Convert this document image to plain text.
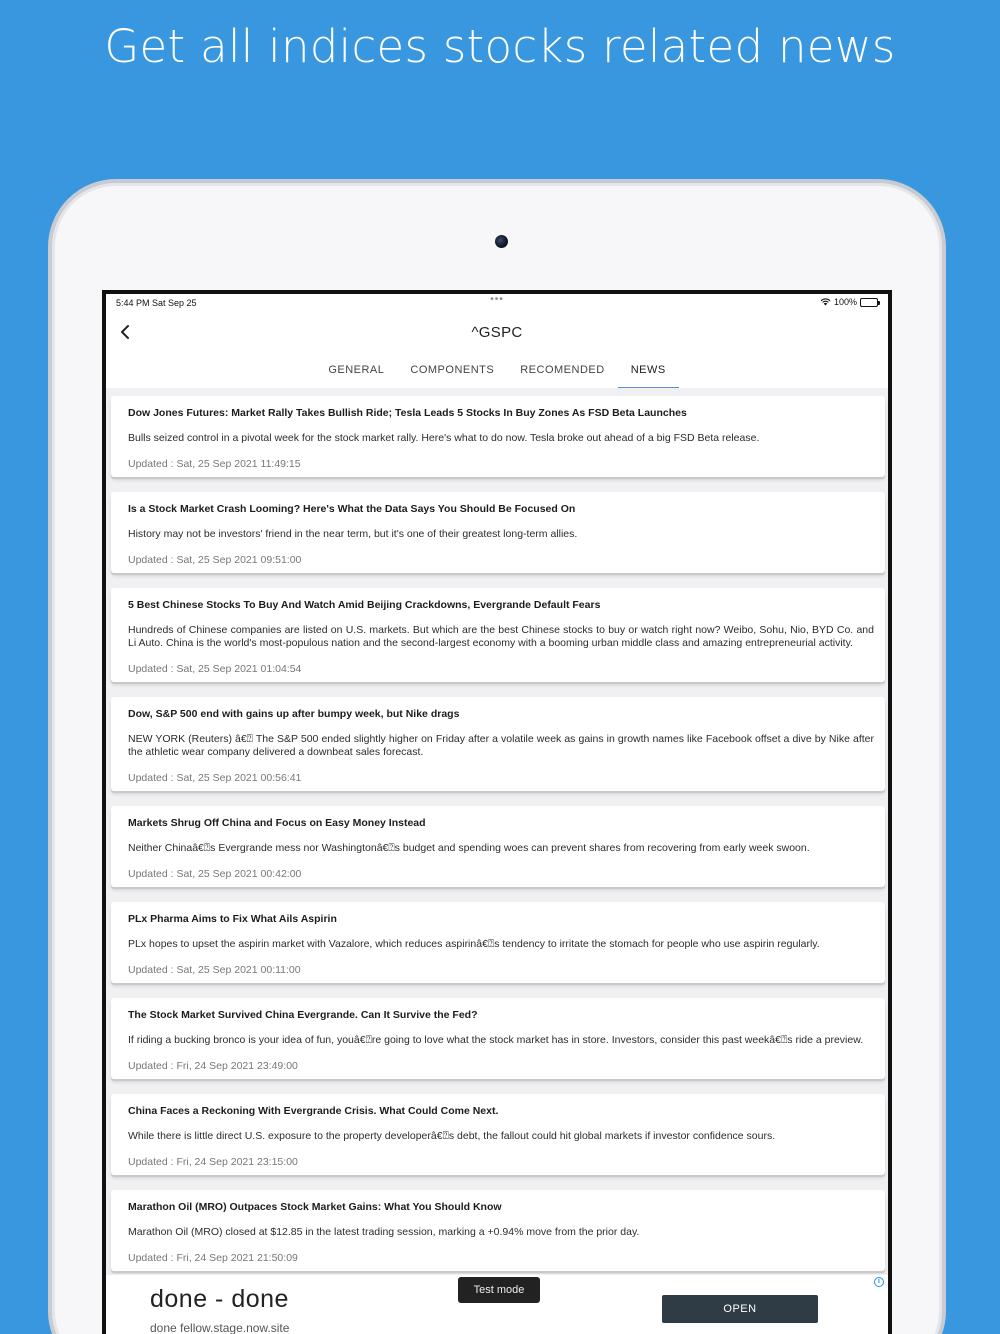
Get all indices stocks related news
5:44 PM Sat Sep 25	•••	100%
^GSPC
GENERAL	COMPONENTS	RECOMENDED	NEWS
Dow Jones Futures: Market Rally Takes Bullish Ride; Tesla Leads 5 Stocks In Buy Zones As FSD Beta Launches
Bulls seized control in a pivotal week for the stock market rally. Here's what to do now. Tesla broke out ahead of a big FSD Beta release.
Updated : Sat, 25 Sep 2021 11:49:15
Is a Stock Market Crash Looming? Here's What the Data Says You Should Be Focused On
History may not be investors' friend in the near term, but it's one of their greatest long-term allies.
Updated : Sat, 25 Sep 2021 09:51:00
5 Best Chinese Stocks To Buy And Watch Amid Beijing Crackdowns, Evergrande Default Fears
Hundreds of Chinese companies are listed on U.S. markets. But which are the best Chinese stocks to buy or watch right now? Weibo, Sohu, Nio, BYD Co. and Li Auto. China is the world's most-populous nation and the second-largest economy with a booming urban middle class and amazing entrepreneurial activity.
Updated : Sat, 25 Sep 2021 01:04:54
Dow, S&P 500 end with gains up after bumpy week, but Nike drags
NEW YORK (Reuters) â€⍰ The S&P 500 ended slightly higher on Friday after a volatile week as gains in growth names like Facebook offset a dive by Nike after the athletic wear company delivered a downbeat sales forecast.
Updated : Sat, 25 Sep 2021 00:56:41
Markets Shrug Off China and Focus on Easy Money Instead
Neither Chinaâ€⍰s Evergrande mess nor Washingtonâ€⍰s budget and spending woes can prevent shares from recovering from early week swoon.
Updated : Sat, 25 Sep 2021 00:42:00
PLx Pharma Aims to Fix What Ails Aspirin
PLx hopes to upset the aspirin market with Vazalore, which reduces aspirinâ€⍰s tendency to irritate the stomach for people who use aspirin regularly.
Updated : Sat, 25 Sep 2021 00:11:00
The Stock Market Survived China Evergrande. Can It Survive the Fed?
If riding a bucking bronco is your idea of fun, youâ€⍰re going to love what the stock market has in store. Investors, consider this past weekâ€⍰s ride a preview.
Updated : Fri, 24 Sep 2021 23:49:00
China Faces a Reckoning With Evergrande Crisis. What Could Come Next.
While there is little direct U.S. exposure to the property developerâ€⍰s debt, the fallout could hit global markets if investor confidence sours.
Updated : Fri, 24 Sep 2021 23:15:00
Marathon Oil (MRO) Outpaces Stock Market Gains: What You Should Know
Marathon Oil (MRO) closed at $12.85 in the latest trading session, marking a +0.94% move from the prior day.
Updated : Fri, 24 Sep 2021 21:50:09
done - done
done fellow.stage.now.site
OPEN
i
Test mode
